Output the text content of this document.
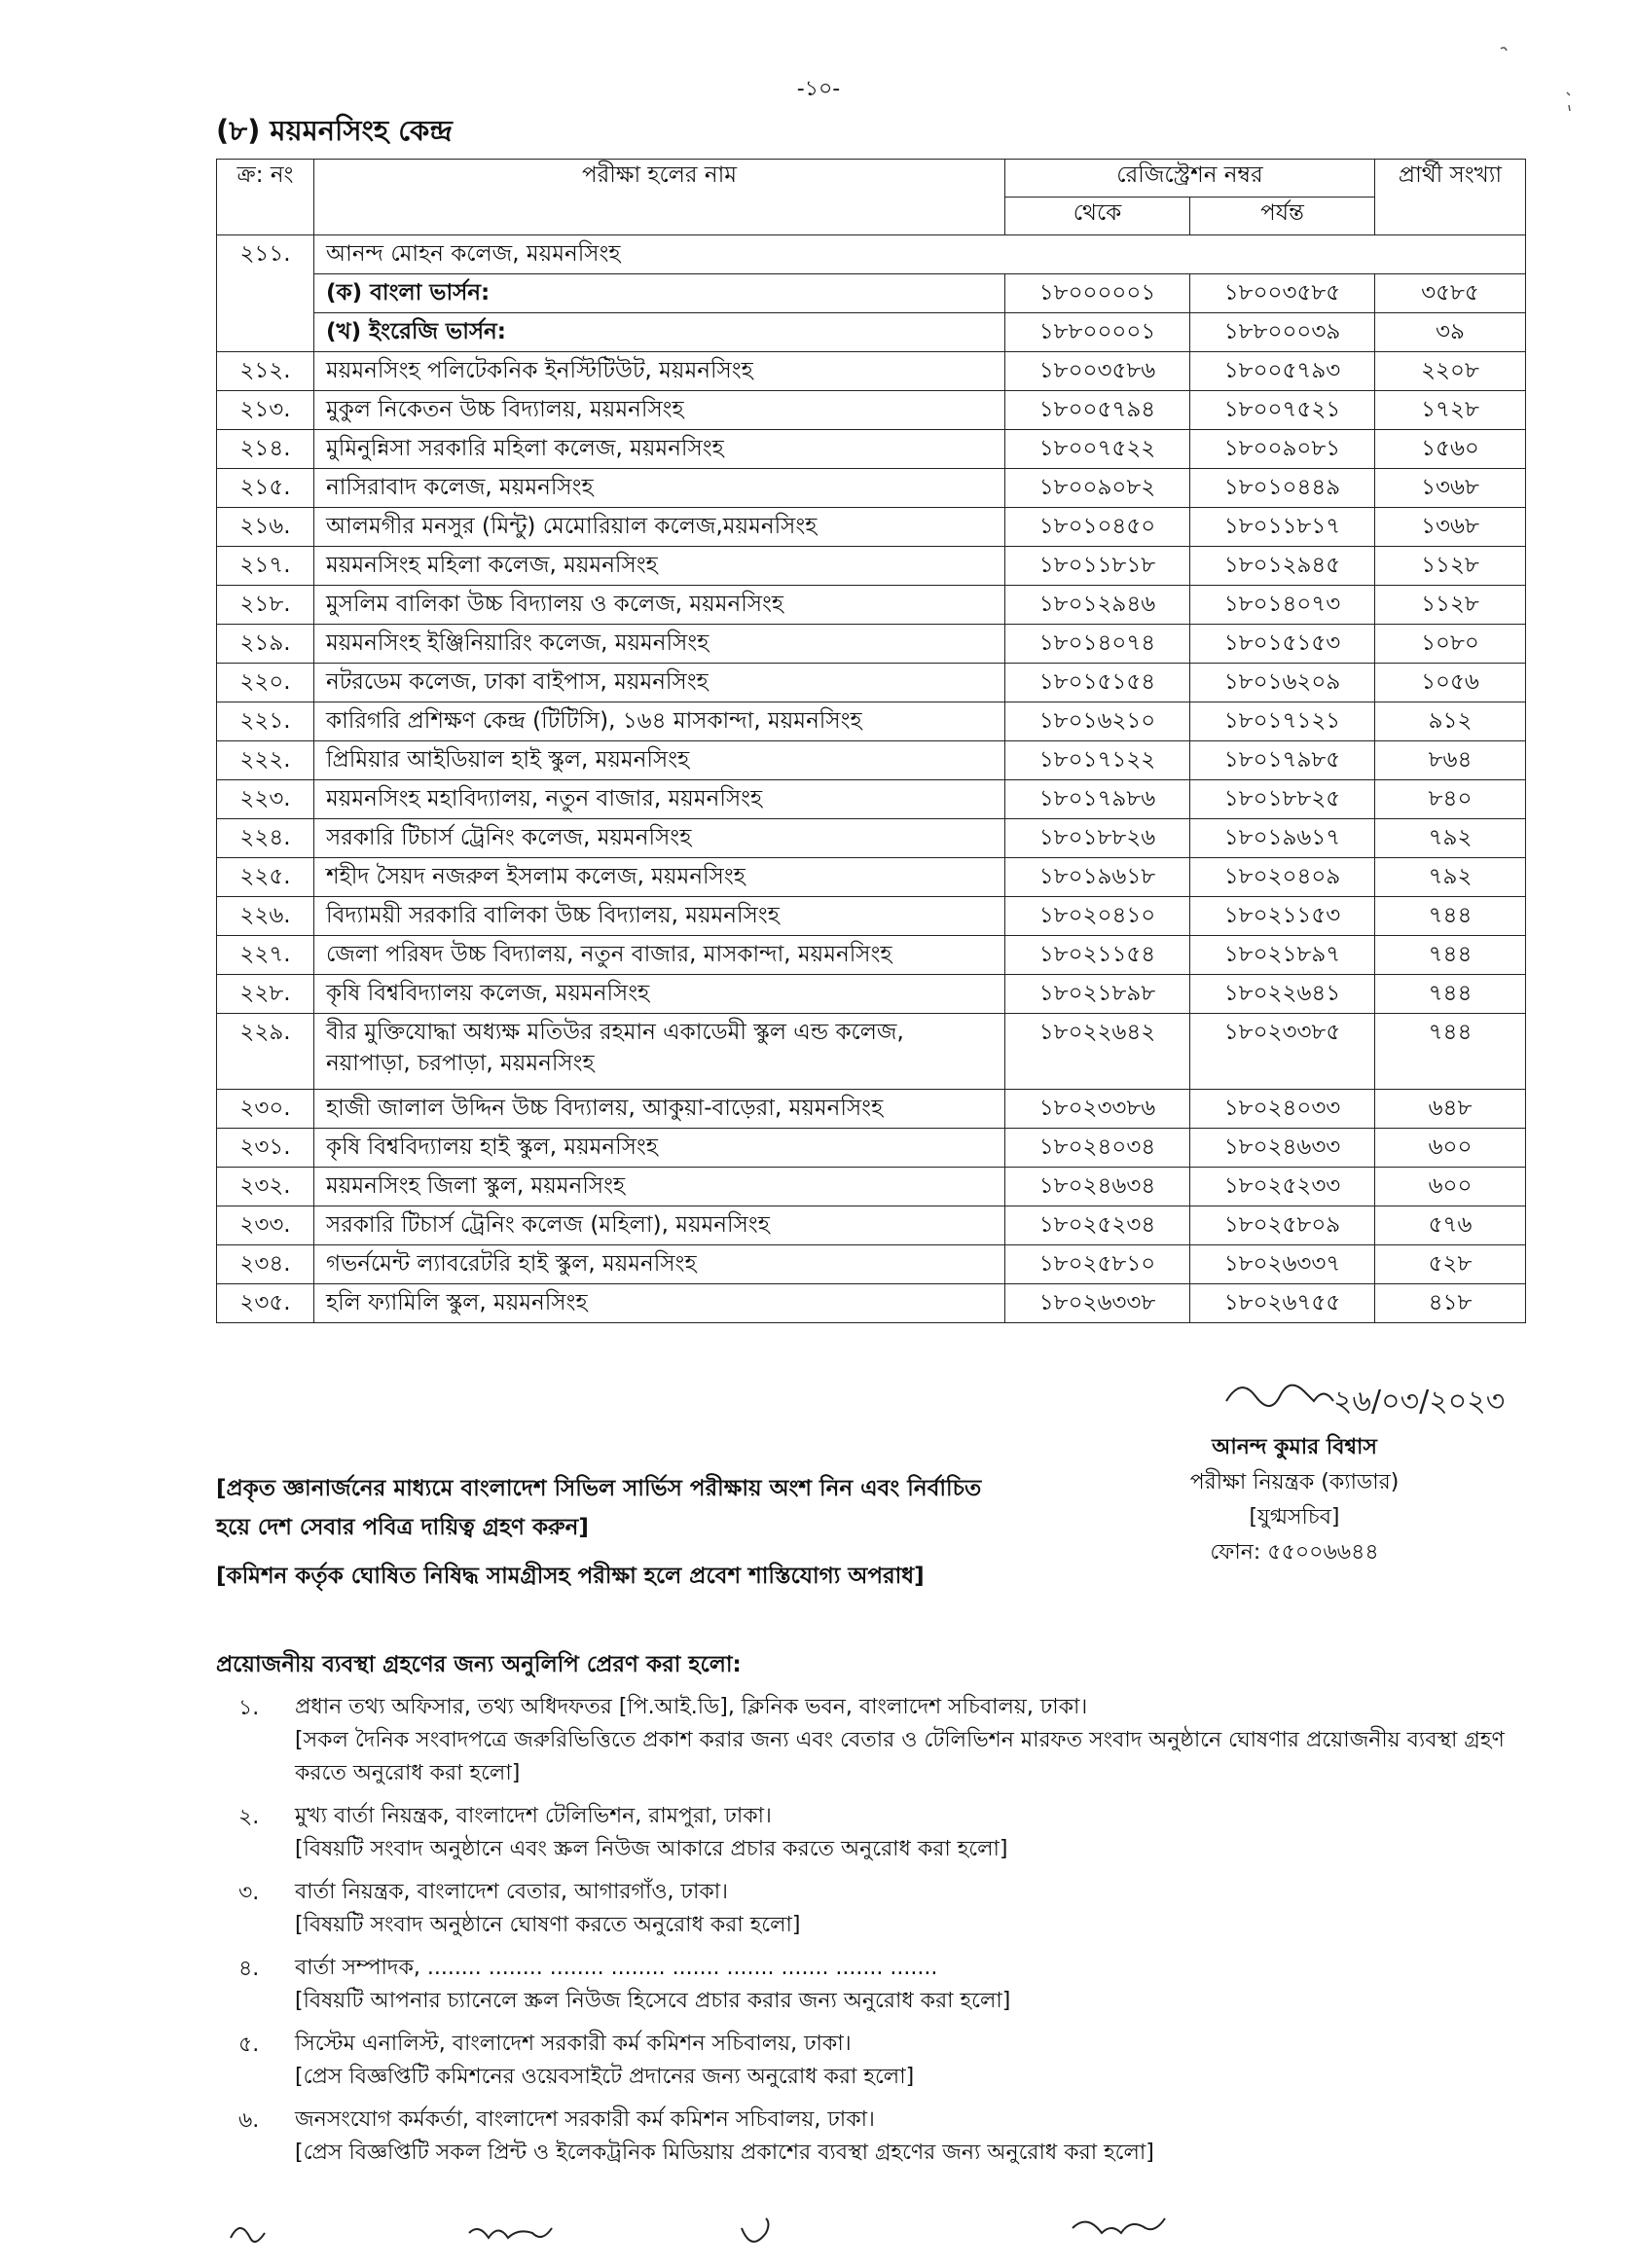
-১০-
(৮) ময়মনসিংহ কেন্দ্র
ক্র: নং	পরীক্ষা হলের নাম	রেজিস্ট্রেশন নম্বর		প্রার্থী সংখ্যা
		থেকে	পর্যন্ত	
২১১.	আনন্দ মোহন কলেজ, ময়মনসিংহ			
	(ক) বাংলা ভার্সন:	১৮০০০০০১	১৮০০৩৫৮৫	৩৫৮৫
	(খ) ইংরেজি ভার্সন:	১৮৮০০০০১	১৮৮০০০৩৯	৩৯
২১২.	ময়মনসিংহ পলিটেকনিক ইনস্টিটিউট, ময়মনসিংহ	১৮০০৩৫৮৬	১৮০০৫৭৯৩	২২০৮
২১৩.	মুকুল নিকেতন উচ্চ বিদ্যালয়, ময়মনসিংহ	১৮০০৫৭৯৪	১৮০০৭৫২১	১৭২৮
২১৪.	মুমিনুন্নিসা সরকারি মহিলা কলেজ, ময়মনসিংহ	১৮০০৭৫২২	১৮০০৯০৮১	১৫৬০
২১৫.	নাসিরাবাদ কলেজ, ময়মনসিংহ	১৮০০৯০৮২	১৮০১০৪৪৯	১৩৬৮
২১৬.	আলমগীর মনসুর (মিন্টু) মেমোরিয়াল কলেজ,ময়মনসিংহ	১৮০১০৪৫০	১৮০১১৮১৭	১৩৬৮
২১৭.	ময়মনসিংহ মহিলা কলেজ, ময়মনসিংহ	১৮০১১৮১৮	১৮০১২৯৪৫	১১২৮
২১৮.	মুসলিম বালিকা উচ্চ বিদ্যালয় ও কলেজ, ময়মনসিংহ	১৮০১২৯৪৬	১৮০১৪০৭৩	১১২৮
২১৯.	ময়মনসিংহ ইঞ্জিনিয়ারিং কলেজ, ময়মনসিংহ	১৮০১৪০৭৪	১৮০১৫১৫৩	১০৮০
২২০.	নটরডেম কলেজ, ঢাকা বাইপাস, ময়মনসিংহ	১৮০১৫১৫৪	১৮০১৬২০৯	১০৫৬
২২১.	কারিগরি প্রশিক্ষণ কেন্দ্র (টিটিসি), ১৬৪ মাসকান্দা, ময়মনসিংহ	১৮০১৬২১০	১৮০১৭১২১	৯১২
২২২.	প্রিমিয়ার আইডিয়াল হাই স্কুল, ময়মনসিংহ	১৮০১৭১২২	১৮০১৭৯৮৫	৮৬৪
২২৩.	ময়মনসিংহ মহাবিদ্যালয়, নতুন বাজার, ময়মনসিংহ	১৮০১৭৯৮৬	১৮০১৮৮২৫	৮৪০
২২৪.	সরকারি টিচার্স ট্রেনিং কলেজ, ময়মনসিংহ	১৮০১৮৮২৬	১৮০১৯৬১৭	৭৯২
২২৫.	শহীদ সৈয়দ নজরুল ইসলাম কলেজ, ময়মনসিংহ	১৮০১৯৬১৮	১৮০২০৪০৯	৭৯২
২২৬.	বিদ্যাময়ী সরকারি বালিকা উচ্চ বিদ্যালয়, ময়মনসিংহ	১৮০২০৪১০	১৮০২১১৫৩	৭৪৪
২২৭.	জেলা পরিষদ উচ্চ বিদ্যালয়, নতুন বাজার, মাসকান্দা, ময়মনসিংহ	১৮০২১১৫৪	১৮০২১৮৯৭	৭৪৪
২২৮.	কৃষি বিশ্ববিদ্যালয় কলেজ, ময়মনসিংহ	১৮০২১৮৯৮	১৮০২২৬৪১	৭৪৪
২২৯.	বীর মুক্তিযোদ্ধা অধ্যক্ষ মতিউর রহমান একাডেমী স্কুল এন্ড কলেজ, নয়াপাড়া, চরপাড়া, ময়মনসিংহ	১৮০২২৬৪২	১৮০২৩৩৮৫	৭৪৪
২৩০.	হাজী জালাল উদ্দিন উচ্চ বিদ্যালয়, আকুয়া-বাড়েরা, ময়মনসিংহ	১৮০২৩৩৮৬	১৮০২৪০৩৩	৬৪৮
২৩১.	কৃষি বিশ্ববিদ্যালয় হাই স্কুল, ময়মনসিংহ	১৮০২৪০৩৪	১৮০২৪৬৩৩	৬০০
২৩২.	ময়মনসিংহ জিলা স্কুল, ময়মনসিংহ	১৮০২৪৬৩৪	১৮০২৫২৩৩	৬০০
২৩৩.	সরকারি টিচার্স ট্রেনিং কলেজ (মহিলা), ময়মনসিংহ	১৮০২৫২৩৪	১৮০২৫৮০৯	৫৭৬
২৩৪.	গভর্নমেন্ট ল্যাবরেটরি হাই স্কুল, ময়মনসিংহ	১৮০২৫৮১০	১৮০২৬৩৩৭	৫২৮
২৩৫.	হলি ফ্যামিলি স্কুল, ময়মনসিংহ	১৮০২৬৩৩৮	১৮০২৬৭৫৫	৪১৮
২৬/০৩/২০২৩
আনন্দ কুমার বিশ্বাস
পরীক্ষা নিয়ন্ত্রক (ক্যাডার)
[যুগ্মসচিব]
ফোন: ৫৫০০৬৬৪৪
[প্রকৃত জ্ঞানার্জনের মাধ্যমে বাংলাদেশ সিভিল সার্ভিস পরীক্ষায় অংশ নিন এবং নির্বাচিত হয়ে দেশ সেবার পবিত্র দায়িত্ব গ্রহণ করুন]
[কমিশন কর্তৃক ঘোষিত নিষিদ্ধ সামগ্রীসহ পরীক্ষা হলে প্রবেশ শাস্তিযোগ্য অপরাধ]
প্রয়োজনীয় ব্যবস্থা গ্রহণের জন্য অনুলিপি প্রেরণ করা হলো:
১.	প্রধান তথ্য অফিসার, তথ্য অধিদফতর [পি.আই.ডি], ক্লিনিক ভবন, বাংলাদেশ সচিবালয়, ঢাকা।
[সকল দৈনিক সংবাদপত্রে জরুরিভিত্তিতে প্রকাশ করার জন্য এবং বেতার ও টেলিভিশন মারফত সংবাদ অনুষ্ঠানে ঘোষণার প্রয়োজনীয় ব্যবস্থা গ্রহণ করতে অনুরোধ করা হলো]
২.	মুখ্য বার্তা নিয়ন্ত্রক, বাংলাদেশ টেলিভিশন, রামপুরা, ঢাকা।
[বিষয়টি সংবাদ অনুষ্ঠানে এবং স্ক্রল নিউজ আকারে প্রচার করতে অনুরোধ করা হলো]
৩.	বার্তা নিয়ন্ত্রক, বাংলাদেশ বেতার, আগারগাঁও, ঢাকা।
[বিষয়টি সংবাদ অনুষ্ঠানে ঘোষণা করতে অনুরোধ করা হলো]
৪.	বার্তা সম্পাদক, ........ ........ ........ ........ ....... ....... ....... ....... .......
[বিষয়টি আপনার চ্যানেলে স্ক্রল নিউজ হিসেবে প্রচার করার জন্য অনুরোধ করা হলো]
৫.	সিস্টেম এনালিস্ট, বাংলাদেশ সরকারী কর্ম কমিশন সচিবালয়, ঢাকা।
[প্রেস বিজ্ঞপ্তিটি কমিশনের ওয়েবসাইটে প্রদানের জন্য অনুরোধ করা হলো]
৬.	জনসংযোগ কর্মকর্তা, বাংলাদেশ সরকারী কর্ম কমিশন সচিবালয়, ঢাকা।
[প্রেস বিজ্ঞপ্তিটি সকল প্রিন্ট ও ইলেকট্রনিক মিডিয়ায় প্রকাশের ব্যবস্থা গ্রহণের জন্য অনুরোধ করা হলো]
